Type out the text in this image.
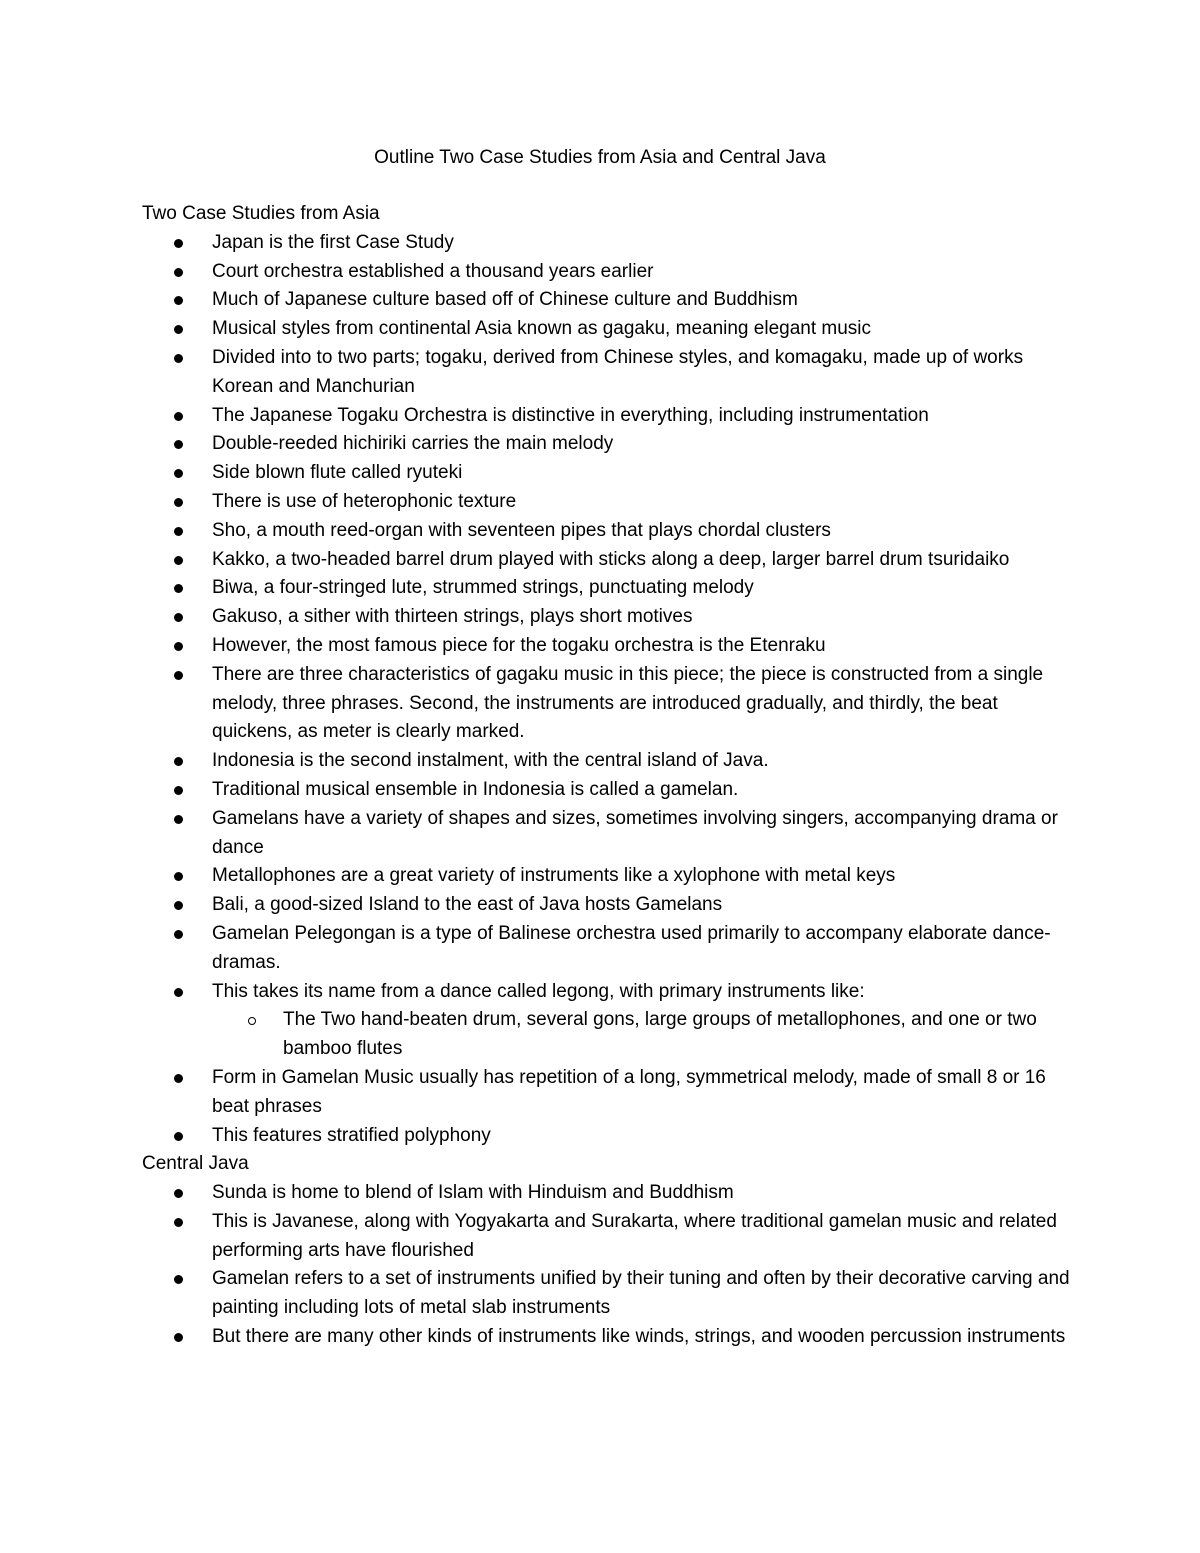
Outline Two Case Studies from Asia and Central Java
Two Case Studies from Asia
Japan is the first Case Study
Court orchestra established a thousand years earlier
Much of Japanese culture based off of Chinese culture and Buddhism
Musical styles from continental Asia known as gagaku, meaning elegant music
Divided into to two parts; togaku, derived from Chinese styles, and komagaku, made up of works Korean and Manchurian
The Japanese Togaku Orchestra is distinctive in everything, including instrumentation
Double-reeded hichiriki carries the main melody
Side blown flute called ryuteki
There is use of heterophonic texture
Sho, a mouth reed-organ with seventeen pipes that plays chordal clusters
Kakko, a two-headed barrel drum played with sticks along a deep, larger barrel drum tsuridaiko
Biwa, a four-stringed lute, strummed strings, punctuating melody
Gakuso, a sither with thirteen strings, plays short motives
However, the most famous piece for the togaku orchestra is the Etenraku
There are three characteristics of gagaku music in this piece; the piece is constructed from a single melody, three phrases. Second, the instruments are introduced gradually, and thirdly, the beat quickens, as meter is clearly marked.
Indonesia is the second instalment, with the central island of Java.
Traditional musical ensemble in Indonesia is called a gamelan.
Gamelans have a variety of shapes and sizes, sometimes involving singers, accompanying drama or dance
Metallophones are a great variety of instruments like a xylophone with metal keys
Bali, a good-sized Island to the east of Java hosts Gamelans
Gamelan Pelegongan is a type of Balinese orchestra used primarily to accompany elaborate dance-dramas.
This takes its name from a dance called legong, with primary instruments like:
The Two hand-beaten drum, several gons, large groups of metallophones, and one or two bamboo flutes
Form in Gamelan Music usually has repetition of a long, symmetrical melody, made of small 8 or 16 beat phrases
This features stratified polyphony
Central Java
Sunda is home to blend of Islam with Hinduism and Buddhism
This is Javanese, along with Yogyakarta and Surakarta, where traditional gamelan music and related performing arts have flourished
Gamelan refers to a set of instruments unified by their tuning and often by their decorative carving and painting including lots of metal slab instruments
But there are many other kinds of instruments like winds, strings, and wooden percussion instruments
